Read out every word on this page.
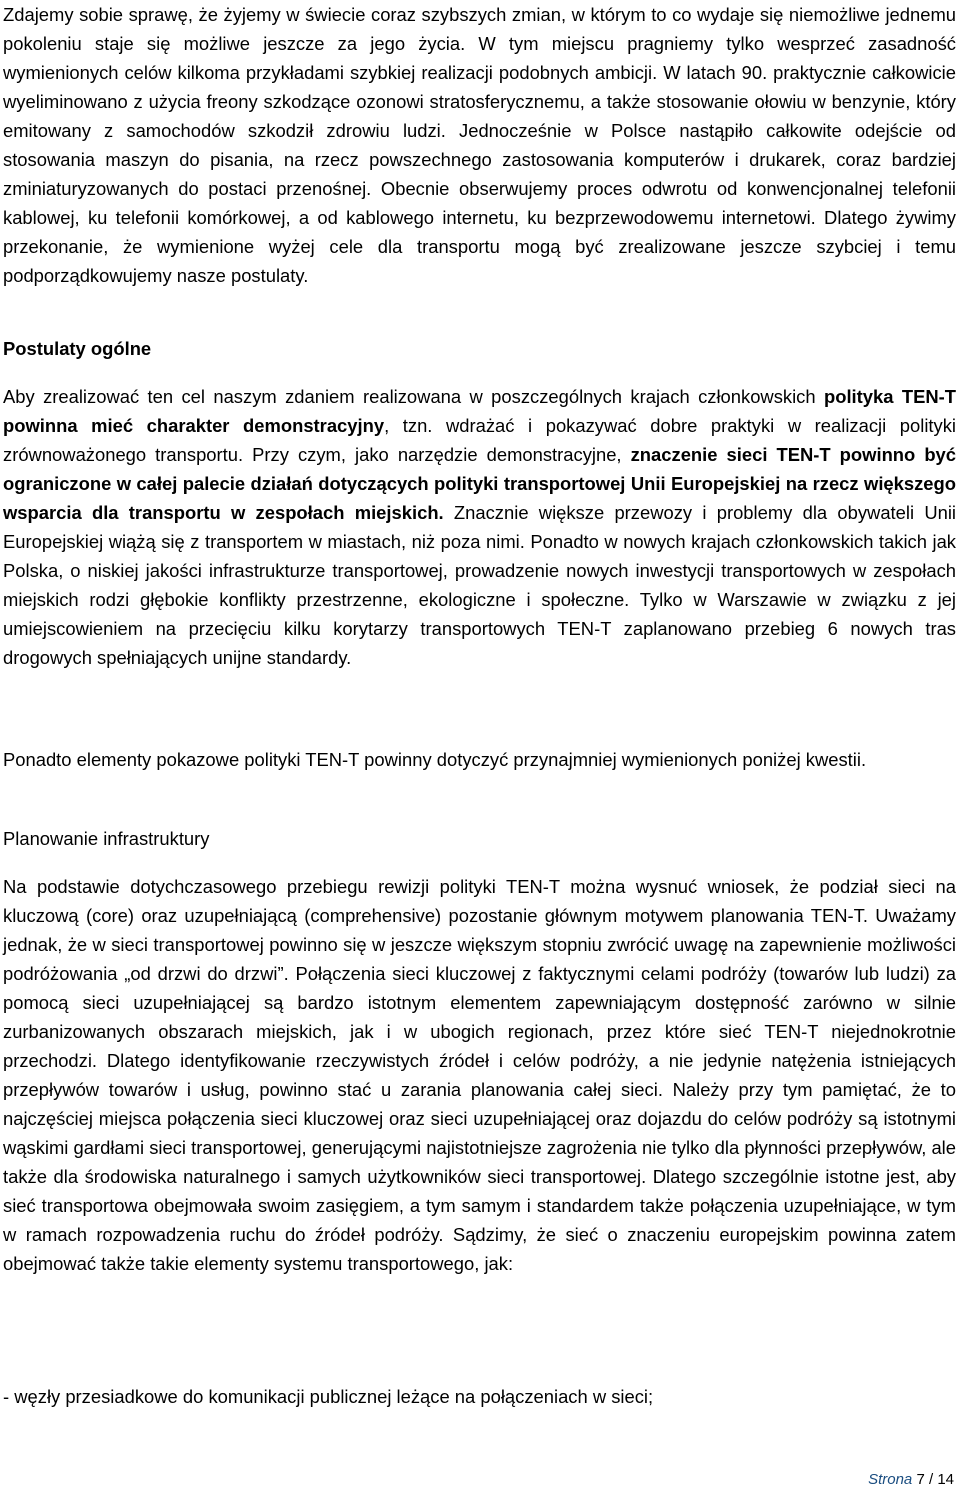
Zdajemy sobie sprawę, że żyjemy w świecie coraz szybszych zmian, w którym to co wydaje się niemożliwe jednemu pokoleniu staje się możliwe jeszcze za jego życia. W tym miejscu pragniemy tylko wesprzeć zasadność wymienionych celów kilkoma przykładami szybkiej realizacji podobnych ambicji. W latach 90. praktycznie całkowicie wyeliminowano z użycia freony szkodzące ozonowi stratosferycznemu, a także stosowanie ołowiu w benzynie, który emitowany z samochodów szkodził zdrowiu ludzi. Jednocześnie w Polsce nastąpiło całkowite odejście od stosowania maszyn do pisania, na rzecz powszechnego zastosowania komputerów i drukarek, coraz bardziej zminiaturyzowanych do postaci przenośnej. Obecnie obserwujemy proces odwrotu od konwencjonalnej telefonii kablowej, ku telefonii komórkowej, a od kablowego internetu, ku bezprzewodowemu internetowi. Dlatego żywimy przekonanie, że wymienione wyżej cele dla transportu mogą być zrealizowane jeszcze szybciej i temu podporządkowujemy nasze postulaty.

Postulaty ogólne

Aby zrealizować ten cel naszym zdaniem realizowana w poszczególnych krajach członkowskich polityka TEN-T powinna mieć charakter demonstracyjny, tzn. wdrażać i pokazywać dobre praktyki w realizacji polityki zrównoważonego transportu. Przy czym, jako narzędzie demonstracyjne, znaczenie sieci TEN-T powinno być ograniczone w całej palecie działań dotyczących polityki transportowej Unii Europejskiej na rzecz większego wsparcia dla transportu w zespołach miejskich. Znacznie większe przewozy i problemy dla obywateli Unii Europejskiej wiążą się z transportem w miastach, niż poza nimi. Ponadto w nowych krajach członkowskich takich jak Polska, o niskiej jakości infrastrukturze transportowej, prowadzenie nowych inwestycji transportowych w zespołach miejskich rodzi głębokie konflikty przestrzenne, ekologiczne i społeczne. Tylko w Warszawie w związku z jej umiejscowieniem na przecięciu kilku korytarzy transportowych TEN-T zaplanowano przebieg 6 nowych tras drogowych spełniających unijne standardy.

Ponadto elementy pokazowe polityki TEN-T powinny dotyczyć przynajmniej wymienionych poniżej kwestii.

Planowanie infrastruktury

Na podstawie dotychczasowego przebiegu rewizji polityki TEN-T można wysnuć wniosek, że podział sieci na kluczową (core) oraz uzupełniającą (comprehensive) pozostanie głównym motywem planowania TEN-T. Uważamy jednak, że w sieci transportowej powinno się w jeszcze większym stopniu zwrócić uwagę na zapewnienie możliwości podróżowania „od drzwi do drzwi”. Połączenia sieci kluczowej z faktycznymi celami podróży (towarów lub ludzi) za pomocą sieci uzupełniającej są bardzo istotnym elementem zapewniającym dostępność zarówno w silnie zurbanizowanych obszarach miejskich, jak i w ubogich regionach, przez które sieć TEN-T niejednokrotnie przechodzi. Dlatego identyfikowanie rzeczywistych źródeł i celów podróży, a nie jedynie natężenia istniejących przepływów towarów i usług, powinno stać u zarania planowania całej sieci. Należy przy tym pamiętać, że to najczęściej miejsca połączenia sieci kluczowej oraz sieci uzupełniającej oraz dojazdu do celów podróży są istotnymi wąskimi gardłami sieci transportowej, generującymi najistotniejsze zagrożenia nie tylko dla płynności przepływów, ale także dla środowiska naturalnego i samych użytkowników sieci transportowej. Dlatego szczególnie istotne jest, aby sieć transportowa obejmowała swoim zasięgiem, a tym samym i standardem także połączenia uzupełniające, w tym w ramach rozpowadzenia ruchu do źródeł podróży. Sądzimy, że sieć o znaczeniu europejskim powinna zatem obejmować także takie elementy systemu transportowego, jak:

- węzły przesiadkowe do komunikacji publicznej leżące na połączeniach w sieci;

Strona 7 / 14
